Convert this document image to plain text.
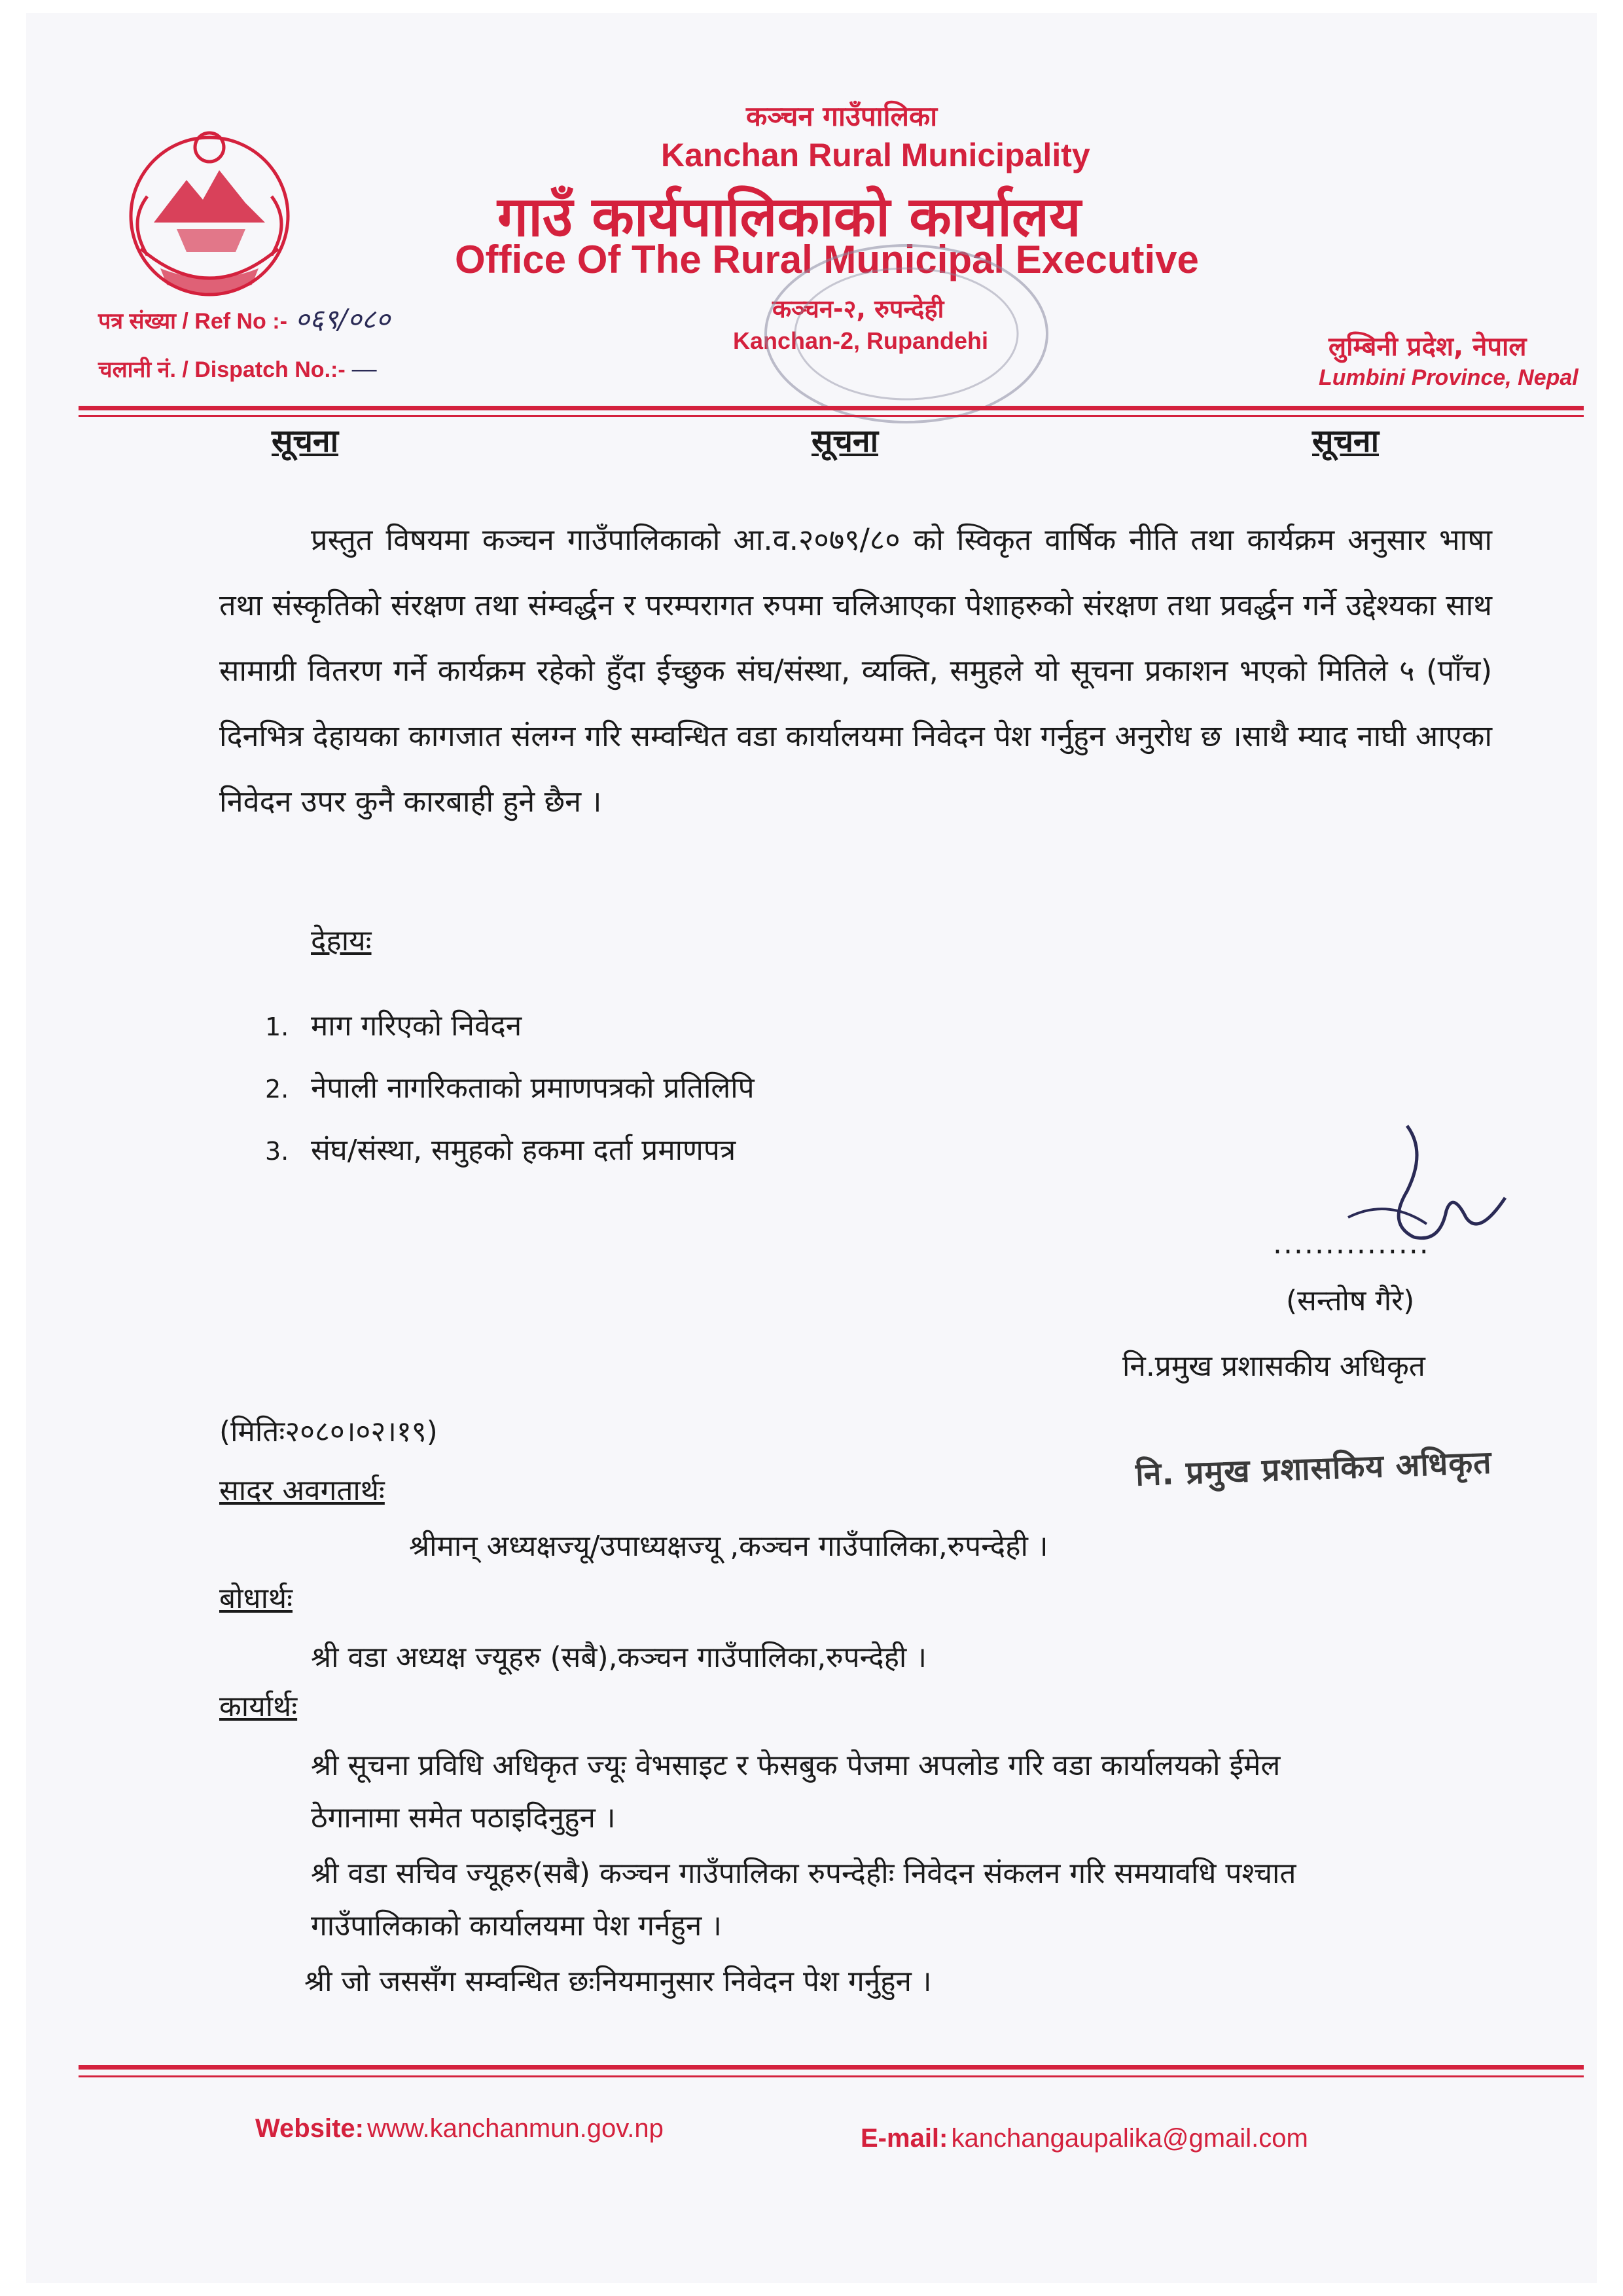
कञ्चन गाउँपालिका
Kanchan Rural Municipality
गाउँ कार्यपालिकाको कार्यालय
Office Of The Rural Municipal Executive
कञ्चन-२, रुपन्देही
Kanchan-2, Rupandehi
पत्र संख्या / Ref No :- ०६९/०८०
चलानी नं. / Dispatch No.:- —
लुम्बिनी प्रदेश, नेपाल
Lumbini Province, Nepal
सूचना	सूचना	सूचना
प्रस्तुत विषयमा कञ्चन गाउँपालिकाको आ.व.२०७९/८० को स्विकृत वार्षिक नीति तथा कार्यक्रम अनुसार भाषा तथा संस्कृतिको संरक्षण तथा संम्वर्द्धन र परम्परागत रुपमा चलिआएका पेशाहरुको संरक्षण तथा प्रवर्द्धन गर्ने उद्देश्यका साथ सामाग्री वितरण गर्ने कार्यक्रम रहेको हुँदा ईच्छुक संघ/संस्था, व्यक्ति, समुहले यो सूचना प्रकाशन भएको मितिले ५ (पाँच) दिनभित्र देहायका कागजात संलग्न गरि सम्वन्धित वडा कार्यालयमा निवेदन पेश गर्नुहुन अनुरोध छ ।साथै म्याद नाघी आएका निवेदन उपर कुनै कारबाही हुने छैन ।
देहायः
1. माग गरिएको निवेदन
2. नेपाली नागरिकताको प्रमाणपत्रको प्रतिलिपि
3. संघ/संस्था, समुहको हकमा दर्ता प्रमाणपत्र
...............
(सन्तोष गैरे)
नि.प्रमुख प्रशासकीय अधिकृत
(मितिः२०८०।०२।१९)
नि. प्रमुख प्रशासकिय अधिकृत
सादर अवगतार्थः
श्रीमान् अध्यक्षज्यू/उपाध्यक्षज्यू ,कञ्चन गाउँपालिका,रुपन्देही ।
बोधार्थः
श्री वडा अध्यक्ष ज्यूहरु (सबै),कञ्चन गाउँपालिका,रुपन्देही ।
कार्यार्थः
श्री सूचना प्रविधि अधिकृत ज्यूः वेभसाइट र फेसबुक पेजमा अपलोड गरि वडा कार्यालयको ईमेल
ठेगानामा समेत पठाइदिनुहुन ।
श्री वडा सचिव ज्यूहरु(सबै) कञ्चन गाउँपालिका रुपन्देहीः निवेदन संकलन गरि समयावधि पश्चात
गाउँपालिकाको कार्यालयमा पेश गर्नहुन ।
श्री जो जससँग सम्वन्धित छःनियमानुसार निवेदन पेश गर्नुहुन ।
Website: www.kanchanmun.gov.np	E-mail: kanchangaupalika@gmail.com
